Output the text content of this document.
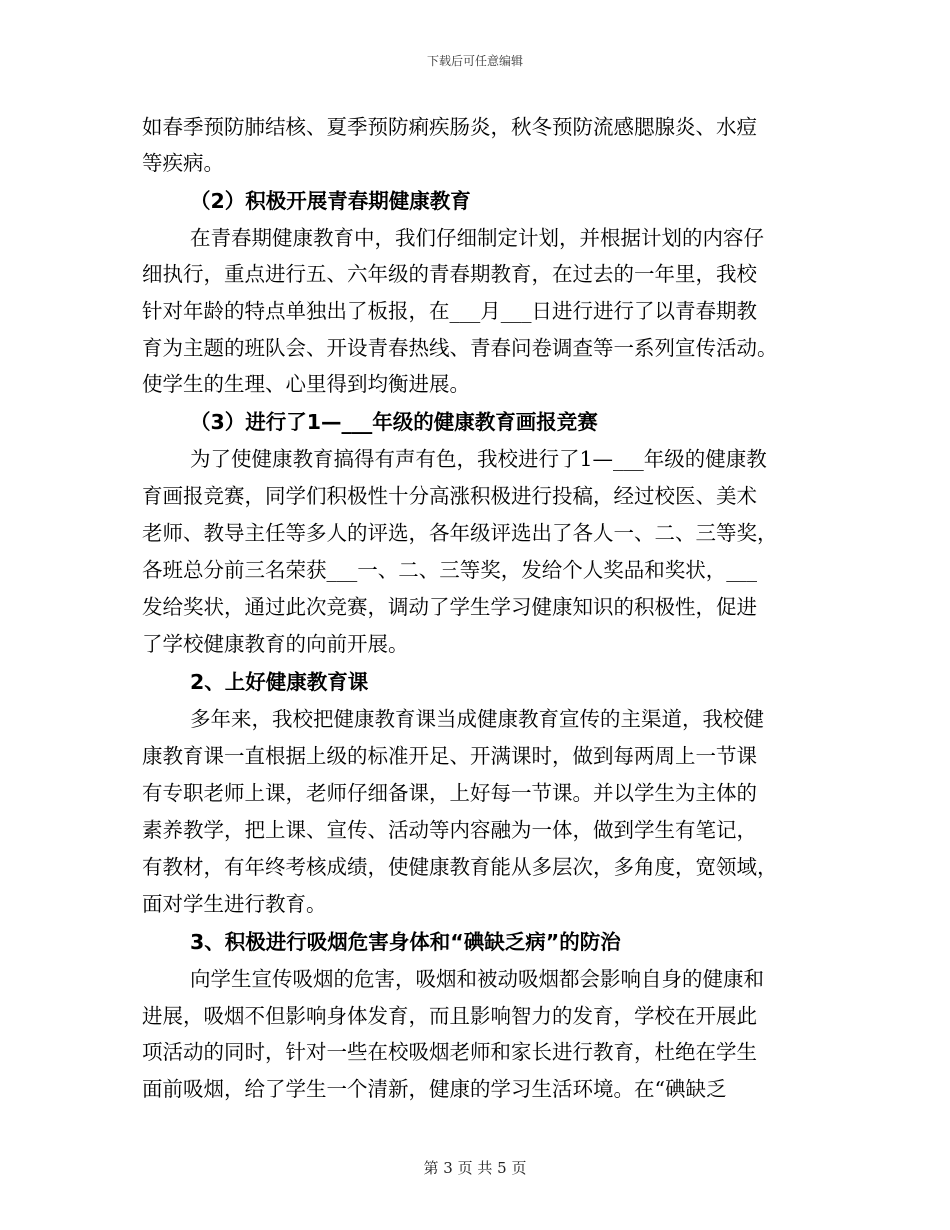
下载后可任意编辑
如春季预防肺结核、夏季预防痢疾肠炎，秋冬预防流感腮腺炎、水痘
等疾病。
（2）积极开展青春期健康教育
在青春期健康教育中，我们仔细制定计划，并根据计划的内容仔
细执行，重点进行五、六年级的青春期教育，在过去的一年里，我校
针对年龄的特点单独出了板报，在___月___日进行进行了以青春期教
育为主题的班队会、开设青春热线、青春问卷调查等一系列宣传活动。
使学生的生理、心里得到均衡进展。
（3）进行了1—___年级的健康教育画报竞赛
为了使健康教育搞得有声有色，我校进行了1—___年级的健康教
育画报竞赛，同学们积极性十分高涨积极进行投稿，经过校医、美术
老师、教导主任等多人的评选，各年级评选出了各人一、二、三等奖，
各班总分前三名荣获___一、二、三等奖，发给个人奖品和奖状，___
发给奖状，通过此次竞赛，调动了学生学习健康知识的积极性，促进
了学校健康教育的向前开展。
2、上好健康教育课
多年来，我校把健康教育课当成健康教育宣传的主渠道，我校健
康教育课一直根据上级的标准开足、开满课时，做到每两周上一节课
有专职老师上课，老师仔细备课，上好每一节课。并以学生为主体的
素养教学，把上课、宣传、活动等内容融为一体，做到学生有笔记，
有教材，有年终考核成绩，使健康教育能从多层次，多角度，宽领域，
面对学生进行教育。
3、积极进行吸烟危害身体和“碘缺乏病”的防治
向学生宣传吸烟的危害，吸烟和被动吸烟都会影响自身的健康和
进展，吸烟不但影响身体发育，而且影响智力的发育，学校在开展此
项活动的同时，针对一些在校吸烟老师和家长进行教育，杜绝在学生
面前吸烟，给了学生一个清新，健康的学习生活环境。在“碘缺乏
第 3 页 共 5 页
